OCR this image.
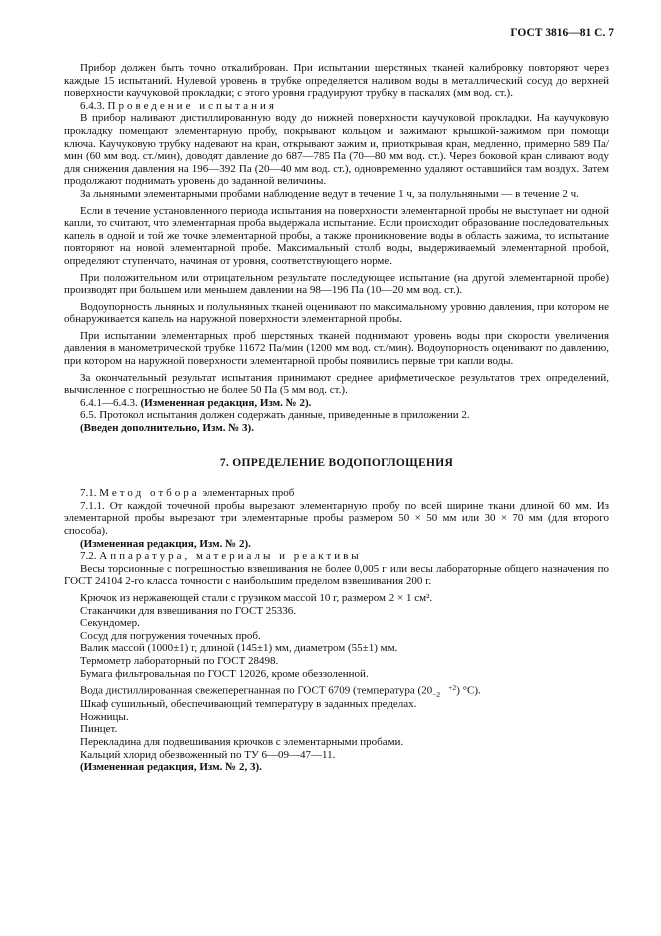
ГОСТ 3816—81 С. 7

Прибор должен быть точно откалиброван. При испытании шерстяных тканей калибровку повторяют через каждые 15 испытаний. Нулевой уровень в трубке определяется наливом воды в металлический сосуд до верхней поверхности каучуковой прокладки; с этого уровня градуируют трубку в паскалях (мм вод. ст.).

6.4.3. Проведение испытания

В прибор наливают дистиллированную воду до нижней поверхности каучуковой прокладки. На каучуковую прокладку помещают элементарную пробу, покрывают кольцом и зажимают крышкой-зажимом при помощи ключа. Каучуковую трубку надевают на кран, открывают зажим и, приоткрывая кран, медленно, примерно 589 Па/мин (60 мм вод. ст./мин), доводят давление до 687—785 Па (70—80 мм вод. ст.). Через боковой кран сливают воду для снижения давления на 196—392 Па (20—40 мм вод. ст.), одновременно удаляют оставшийся там воздух. Затем продолжают поднимать уровень до заданной величины.

За льняными элементарными пробами наблюдение ведут в течение 1 ч, за полульняными — в течение 2 ч.

Если в течение установленного периода испытания на поверхности элементарной пробы не выступает ни одной капли, то считают, что элементарная проба выдержала испытание. Если происходит образование последовательных капель в одной и той же точке элементарной пробы, а также проникновение воды в область зажима, то испытание повторяют на новой элементарной пробе. Максимальный столб воды, выдерживаемый элементарной пробой, определяют ступенчато, начиная от уровня, соответствующего норме.

При положительном или отрицательном результате последующее испытание (на другой элементарной пробе) производят при большем или меньшем давлении на 98—196 Па (10—20 мм вод. ст.).

Водоупорность льняных и полульняных тканей оценивают по максимальному уровню давления, при котором не обнаруживается капель на наружной поверхности элементарной пробы.

При испытании элементарных проб шерстяных тканей поднимают уровень воды при скорости увеличения давления в манометрической трубке 11672 Па/мин (1200 мм вод. ст./мин). Водоупорность оценивают по давлению, при котором на наружной поверхности элементарной пробы появились первые три капли воды.

За окончательный результат испытания принимают среднее арифметическое результатов трех определений, вычисленное с погрешностью не более 50 Па (5 мм вод. ст.).

6.4.1—6.4.3. (Измененная редакция, Изм. № 2).

6.5. Протокол испытания должен содержать данные, приведенные в приложении 2.

(Введен дополнительно, Изм. № 3).

7. ОПРЕДЕЛЕНИЕ ВОДОПОГЛОЩЕНИЯ

7.1. Метод отбора элементарных проб

7.1.1. От каждой точечной пробы вырезают элементарную пробу по всей ширине ткани длиной 60 мм. Из элементарной пробы вырезают три элементарные пробы размером 50 × 50 мм или 30 × 70 мм (для второго способа).

(Измененная редакция, Изм. № 2).

7.2. Аппаратура, материалы и реактивы

Весы торсионные с погрешностью взвешивания не более 0,005 г или весы лабораторные общего назначения по ГОСТ 24104 2-го класса точности с наибольшим пределом взвешивания 200 г.

Крючок из нержавеющей стали с грузиком массой 10 г, размером 2 × 1 см².

Стаканчики для взвешивания по ГОСТ 25336.

Секундомер.

Сосуд для погружения точечных проб.

Валик массой (1000±1) г, длиной (145±1) мм, диаметром (55±1) мм.

Термометр лабораторный по ГОСТ 28498.

Бумага фильтровальная по ГОСТ 12026, кроме обеззоленной.

Вода дистиллированная свежеперегнанная по ГОСТ 6709 (температура (20 +2
−2 ) °С).

Шкаф сушильный, обеспечивающий температуру в заданных пределах.

Ножницы.

Пинцет.

Перекладина для подвешивания крючков с элементарными пробами.

Кальций хлорид обезвоженный по ТУ 6—09—47—11.

(Измененная редакция, Изм. № 2, 3).
